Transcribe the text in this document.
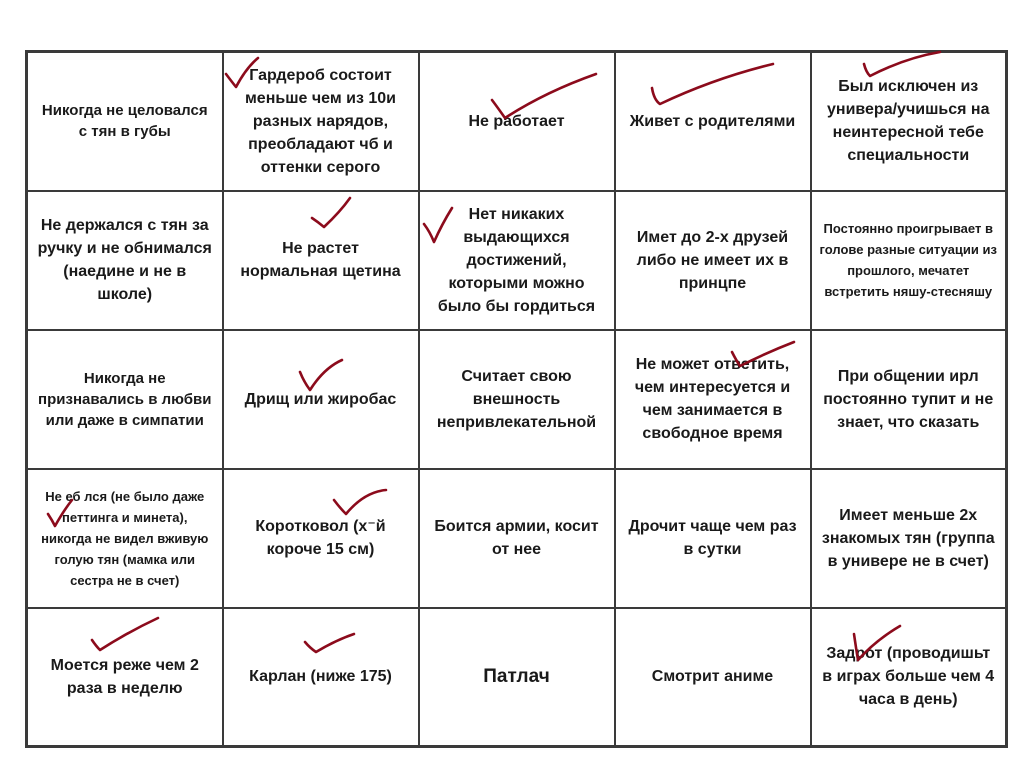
Никогда не целовался с тян в губы	Гардероб состоит меньше чем из 10и разных нарядов, преобладают чб и оттенки серого	Не работает	Живет с родителями	Был исключен из универа/учишься на неинтересной тебе специальности
Не держался с тян за ручку и не обнимался (наедине и не в школе)	Не растет нормальная щетина	Нет никаких выдающихся достижений, которыми можно было бы гордиться	Имет до 2-х друзей либо не имеет их в принцпе	Постоянно проигрывает в голове разные ситуации из прошлого, мечатет встретить няшу-стесняшу
Никогда не признавались в любви или даже в симпатии	Дрищ или жиробас	Считает свою внешность непривлекательной	Не может ответить, чем интересуется и чем занимается в свободное время	При общении ирл постоянно тупит и не знает, что сказать
Не еб лся (не было даже петтинга и минета), никогда не видел вживую голую тян (мамка или сестра не в счет)	Коротковол (х⁻й короче 15 см)	Боится армии, косит от нее	Дрочит чаще чем раз в сутки	Имеет меньше 2х знакомых тян (группа в универе не в счет)
Моется реже чем 2 раза в неделю	Карлан (ниже 175)	Патлач	Смотрит аниме	Задрот (проводишьт в играх больше чем 4 часа в день)
